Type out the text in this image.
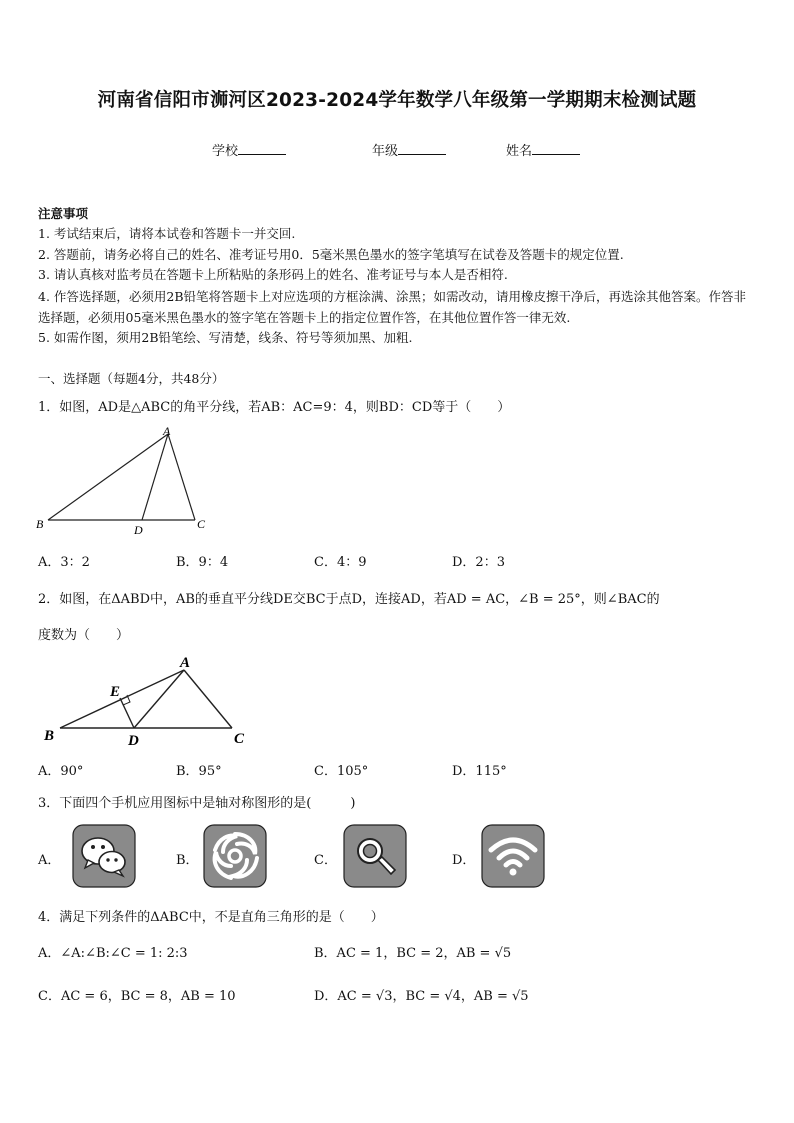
河南省信阳市浉河区2023-2024学年数学八年级第一学期期末检测试题
学校	年级	姓名
注意事项
1. 考试结束后，请将本试卷和答题卡一并交回.
2. 答题前，请务必将自己的姓名、准考证号用0．5毫米黑色墨水的签字笔填写在试卷及答题卡的规定位置.
3. 请认真核对监考员在答题卡上所粘贴的条形码上的姓名、准考证号与本人是否相符.
4. 作答选择题，必须用2B铅笔将答题卡上对应选项的方框涂满、涂黑；如需改动，请用橡皮擦干净后，再选涂其他答案。作答非选择题，必须用05毫米黑色墨水的签字笔在答题卡上的指定位置作答，在其他位置作答一律无效.
5. 如需作图，须用2B铅笔绘、写清楚，线条、符号等须加黑、加粗.
一、选择题（每题4分，共48分）
1．如图，AD是△ABC的角平分线，若AB：AC=9：4，则BD：CD等于（　　）
A
B	C
D
A．3：2	B．9：4	C．4：9	D．2：3
2．如图，在ΔABD中，AB的垂直平分线DE交BC于点D，连接AD，若AD = AC，∠B = 25°，则∠BAC的
度数为（　　）
A
B	C
D
E
A．90°	B．95°	C．105°	D．115°
3．下面四个手机应用图标中是轴对称图形的是(　　　)
A．	B．	C．	D．
4．满足下列条件的ΔABC中，不是直角三角形的是（　　）
A．∠A:∠B:∠C = 1: 2:3	B．AC = 1，BC = 2，AB = √5
C．AC = 6，BC = 8，AB = 10	D．AC = √3，BC = √4，AB = √5
